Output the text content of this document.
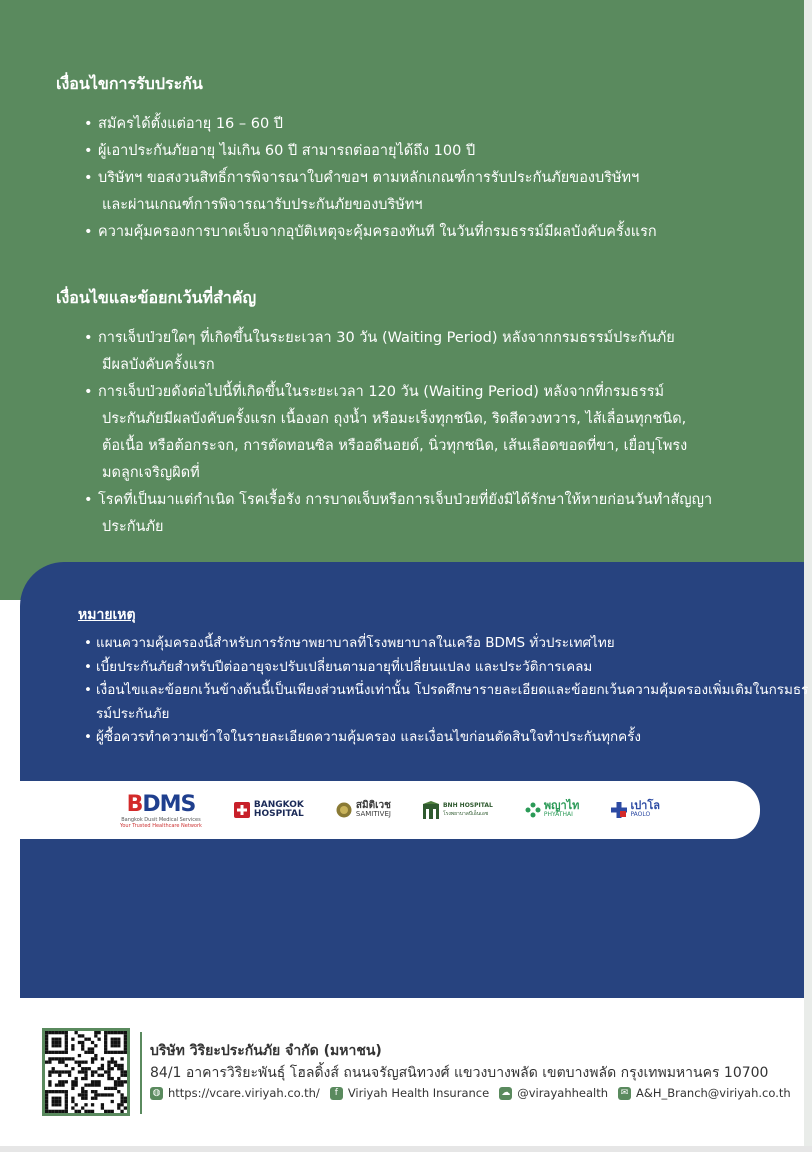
เงื่อนไขการรับประกัน
• สมัครได้ตั้งแต่อายุ 16 – 60 ปี
• ผู้เอาประกันภัยอายุ ไม่เกิน 60 ปี สามารถต่ออายุได้ถึง 100 ปี
• บริษัทฯ ขอสงวนสิทธิ์การพิจารณาใบคำขอฯ ตามหลักเกณฑ์การรับประกันภัยของบริษัทฯ
และผ่านเกณฑ์การพิจารณารับประกันภัยของบริษัทฯ
• ความคุ้มครองการบาดเจ็บจากอุบัติเหตุจะคุ้มครองทันที ในวันที่กรมธรรม์มีผลบังคับครั้งแรก
เงื่อนไขและข้อยกเว้นที่สำคัญ
• การเจ็บป่วยใดๆ ที่เกิดขึ้นในระยะเวลา 30 วัน (Waiting Period) หลังจากกรมธรรม์ประกันภัย
มีผลบังคับครั้งแรก
• การเจ็บป่วยดังต่อไปนี้ที่เกิดขึ้นในระยะเวลา 120 วัน (Waiting Period) หลังจากที่กรมธรรม์
ประกันภัยมีผลบังคับครั้งแรก เนื้องอก ถุงน้ำ หรือมะเร็งทุกชนิด, ริดสีดวงทวาร, ไส้เลื่อนทุกชนิด,
ต้อเนื้อ หรือต้อกระจก, การตัดทอนซิล หรืออดีนอยด์, นิ่วทุกชนิด, เส้นเลือดขอดที่ขา, เยื่อบุโพรง
มดลูกเจริญผิดที่
• โรคที่เป็นมาแต่กำเนิด โรคเรื้อรัง การบาดเจ็บหรือการเจ็บป่วยที่ยังมิได้รักษาให้หายก่อนวันทำสัญญา
ประกันภัย
หมายเหตุ
• แผนความคุ้มครองนี้สำหรับการรักษาพยาบาลที่โรงพยาบาลในเครือ BDMS ทั่วประเทศไทย
• เบี้ยประกันภัยสำหรับปีต่ออายุจะปรับเปลี่ยนตามอายุที่เปลี่ยนแปลง และประวัติการเคลม
• เงื่อนไขและข้อยกเว้นข้างต้นนี้เป็นเพียงส่วนหนึ่งเท่านั้น โปรดศึกษารายละเอียดและข้อยกเว้นความคุ้มครองเพิ่มเติมในกรมธรรม์ประกันภัย
• ผู้ซื้อควรทำความเข้าใจในรายละเอียดความคุ้มครอง และเงื่อนไขก่อนตัดสินใจทำประกันทุกครั้ง
BDMS
Bangkok Dusit Medical Services
Your Trusted Healthcare Network
BANGKOK
HOSPITAL
สมิติเวช
SAMITIVEJ
BNH HOSPITAL
โรงพยาบาลบีเอ็นเอช
พญาไท
PHYATHAI
เปาโล
PAOLO
บริษัท วิริยะประกันภัย จำกัด (มหาชน)
84/1 อาคารวิริยะพันธุ์ โฮลดิ้งส์ ถนนจรัญสนิทวงศ์ แขวงบางพลัด เขตบางพลัด กรุงเทพมหานคร 10700
◍ https://vcare.viriyah.co.th/	f Viriyah Health Insurance ☁ @virayahhealth	✉ A&H_Branch@viriyah.co.th
